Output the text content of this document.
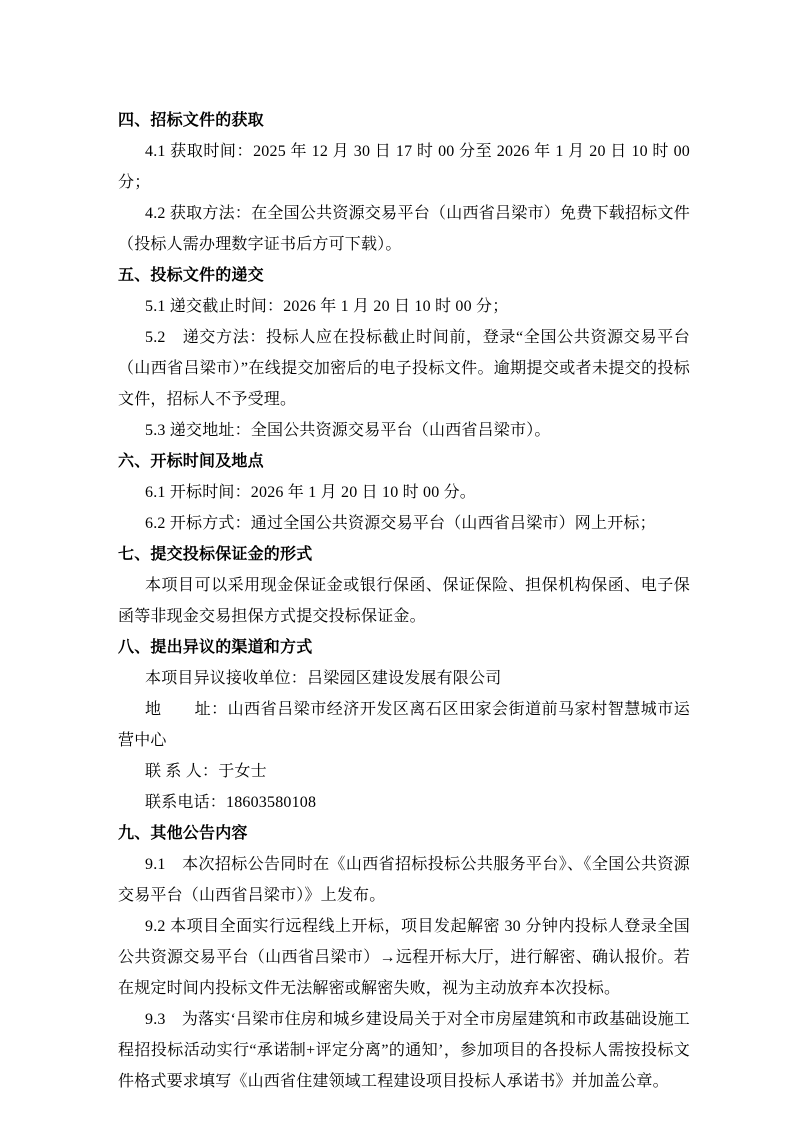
四、招标文件的获取

4.1 获取时间：2025 年 12 月 30 日 17 时 00 分至 2026 年 1 月 20 日 10 时 00 分；

4.2 获取方法：在全国公共资源交易平台（山西省吕梁市）免费下载招标文件（投标人需办理数字证书后方可下载）。

五、投标文件的递交

5.1 递交截止时间：2026 年 1 月 20 日 10 时 00 分；

5.2　递交方法：投标人应在投标截止时间前，登录“全国公共资源交易平台（山西省吕梁市）”在线提交加密后的电子投标文件。逾期提交或者未提交的投标文件，招标人不予受理。

5.3 递交地址：全国公共资源交易平台（山西省吕梁市）。

六、开标时间及地点

6.1 开标时间：2026 年 1 月 20 日 10 时 00 分。

6.2 开标方式：通过全国公共资源交易平台（山西省吕梁市）网上开标；

七、提交投标保证金的形式

本项目可以采用现金保证金或银行保函、保证保险、担保机构保函、电子保函等非现金交易担保方式提交投标保证金。

八、提出异议的渠道和方式

本项目异议接收单位：吕梁园区建设发展有限公司

地　　址：山西省吕梁市经济开发区离石区田家会街道前马家村智慧城市运营中心

联 系 人：于女士

联系电话：18603580108

九、其他公告内容

9.1　本次招标公告同时在《山西省招标投标公共服务平台》、《全国公共资源交易平台（山西省吕梁市）》上发布。

9.2 本项目全面实行远程线上开标，项目发起解密 30 分钟内投标人登录全国公共资源交易平台（山西省吕梁市）→远程开标大厅，进行解密、确认报价。若在规定时间内投标文件无法解密或解密失败，视为主动放弃本次投标。

9.3　为落实‘吕梁市住房和城乡建设局关于对全市房屋建筑和市政基础设施工程招投标活动实行“承诺制+评定分离”的通知’，参加项目的各投标人需按投标文件格式要求填写《山西省住建领域工程建设项目投标人承诺书》并加盖公章。
